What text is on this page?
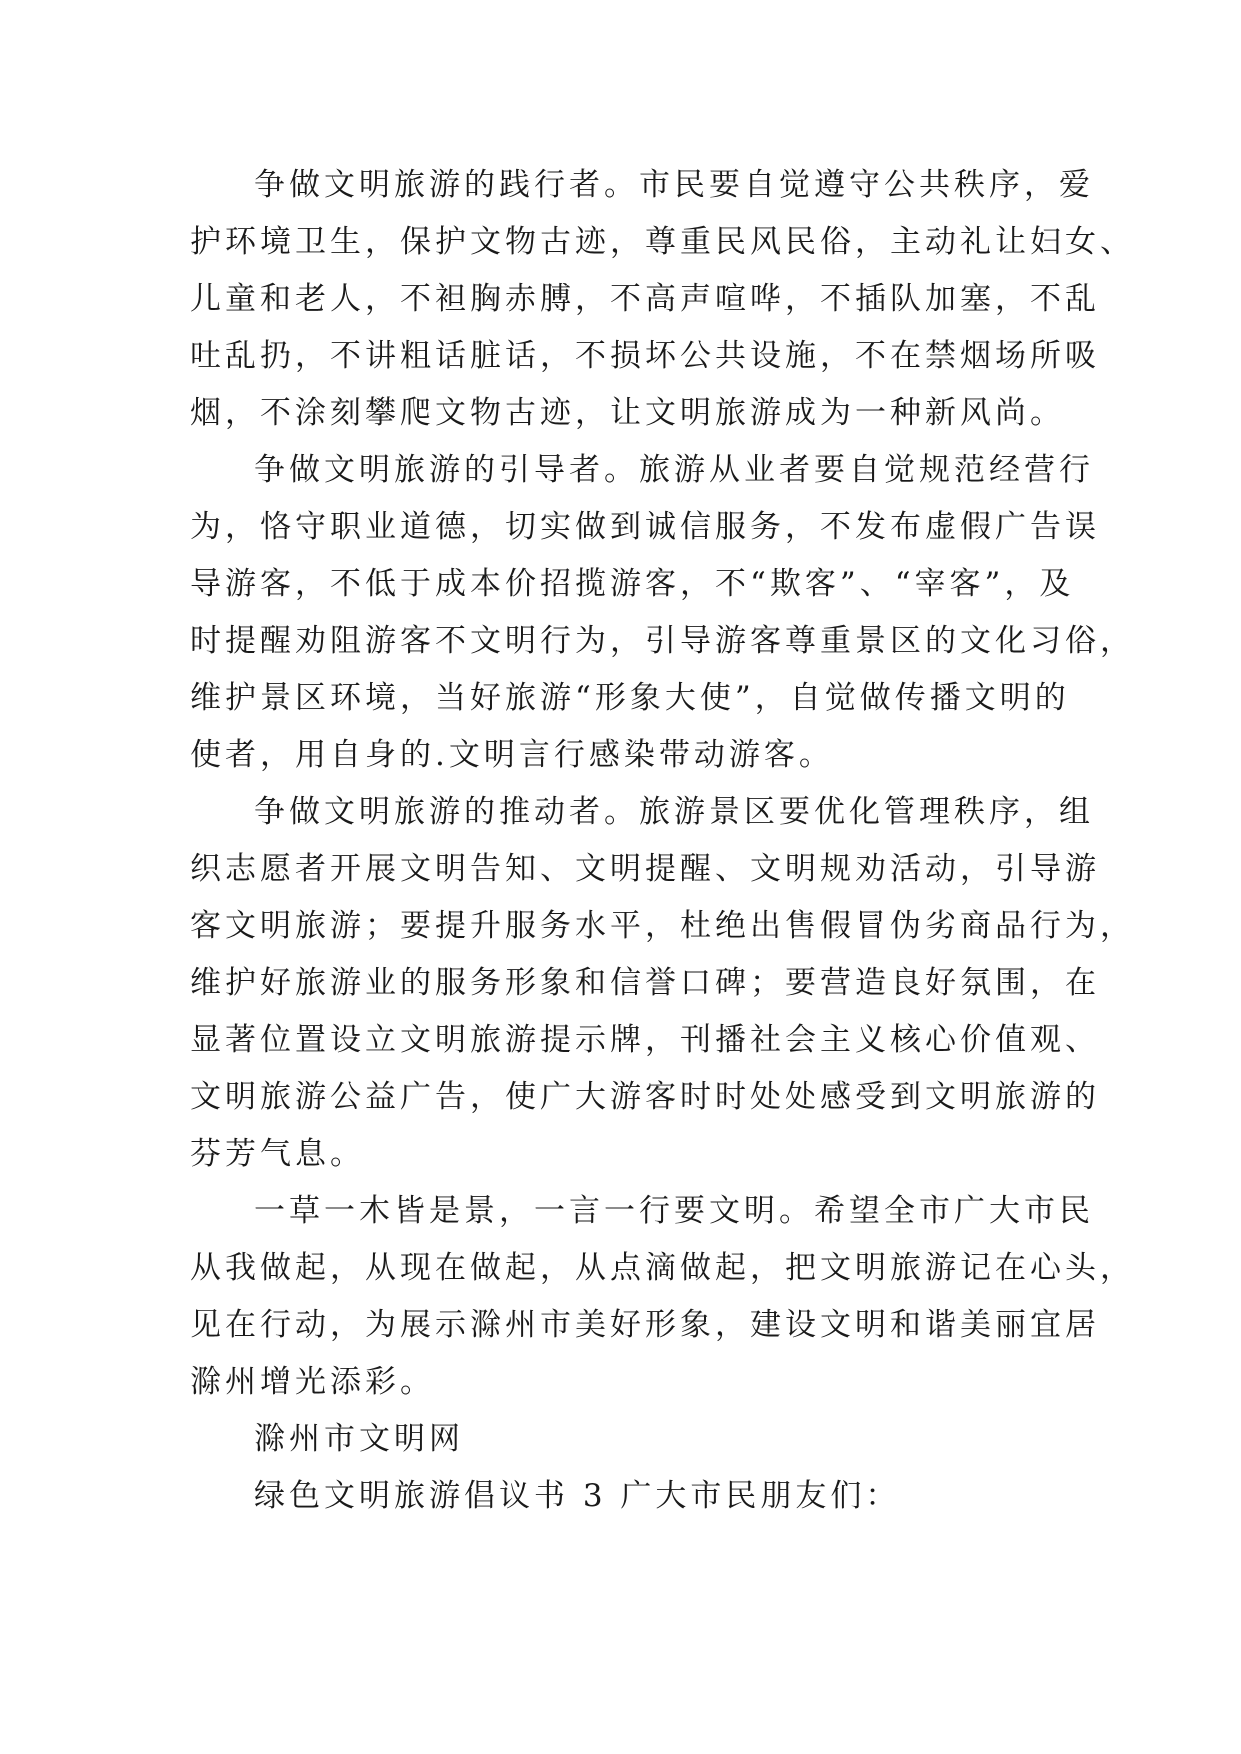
争做文明旅游的践行者。市民要自觉遵守公共秩序，爱
护环境卫生，保护文物古迹，尊重民风民俗，主动礼让妇女、
儿童和老人，不袒胸赤膊，不高声喧哗，不插队加塞，不乱
吐乱扔，不讲粗话脏话，不损坏公共设施，不在禁烟场所吸
烟，不涂刻攀爬文物古迹，让文明旅游成为一种新风尚。
争做文明旅游的引导者。旅游从业者要自觉规范经营行
为，恪守职业道德，切实做到诚信服务，不发布虚假广告误
导游客，不低于成本价招揽游客，不“欺客”、“宰客”，及
时提醒劝阻游客不文明行为，引导游客尊重景区的文化习俗，
维护景区环境，当好旅游“形象大使”，自觉做传播文明的
使者，用自身的.文明言行感染带动游客。
争做文明旅游的推动者。旅游景区要优化管理秩序，组
织志愿者开展文明告知、文明提醒、文明规劝活动，引导游
客文明旅游；要提升服务水平，杜绝出售假冒伪劣商品行为，
维护好旅游业的服务形象和信誉口碑；要营造良好氛围，在
显著位置设立文明旅游提示牌，刊播社会主义核心价值观、
文明旅游公益广告，使广大游客时时处处感受到文明旅游的
芬芳气息。
一草一木皆是景，一言一行要文明。希望全市广大市民
从我做起，从现在做起，从点滴做起，把文明旅游记在心头，
见在行动，为展示滁州市美好形象，建设文明和谐美丽宜居
滁州增光添彩。
滁州市文明网
绿色文明旅游倡议书 3 广大市民朋友们：
